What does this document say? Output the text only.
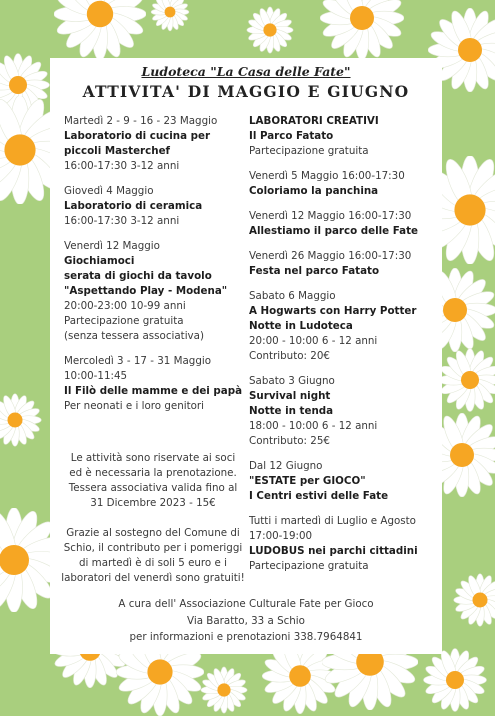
Ludoteca "La Casa delle Fate"
ATTIVITA' DI MAGGIO E GIUGNO
Martedì 2 - 9 - 16 - 23 Maggio
Laboratorio di cucina per
piccoli Masterchef
16:00-17:30 3-12 anni
Giovedì 4 Maggio
Laboratorio di ceramica
16:00-17:30 3-12 anni
Venerdì 12 Maggio
Giochiamoci
serata di giochi da tavolo
"Aspettando Play - Modena"
20:00-23:00 10-99 anni
Partecipazione gratuita
(senza tessera associativa)
Mercoledì 3 - 17 - 31 Maggio
10:00-11:45
Il Filò delle mamme e dei papà
Per neonati e i loro genitori
LABORATORI CREATIVI
Il Parco Fatato
Partecipazione gratuita
Venerdì 5 Maggio 16:00-17:30
Coloriamo la panchina
Venerdì 12 Maggio 16:00-17:30
Allestiamo il parco delle Fate
Venerdì 26 Maggio 16:00-17:30
Festa nel parco Fatato
Sabato 6 Maggio
A Hogwarts con Harry Potter
Notte in Ludoteca
20:00 - 10:00 6 - 12 anni
Contributo: 20€
Sabato 3 Giugno
Survival night
Notte in tenda
18:00 - 10:00 6 - 12 anni
Contributo: 25€
Dal 12 Giugno
"ESTATE per GIOCO"
I Centri estivi delle Fate
Tutti i martedì di Luglio e Agosto
17:00-19:00
LUDOBUS nei parchi cittadini
Partecipazione gratuita
Le attività sono riservate ai soci
ed è necessaria la prenotazione.
Tessera associativa valida fino al
31 Dicembre 2023 - 15€
Grazie al sostegno del Comune di
Schio, il contributo per i pomeriggi
di martedì è di soli 5 euro e i
laboratori del venerdì sono gratuiti!
A cura dell' Associazione Culturale Fate per Gioco
Via Baratto, 33 a Schio
per informazioni e prenotazioni 338.7964841
